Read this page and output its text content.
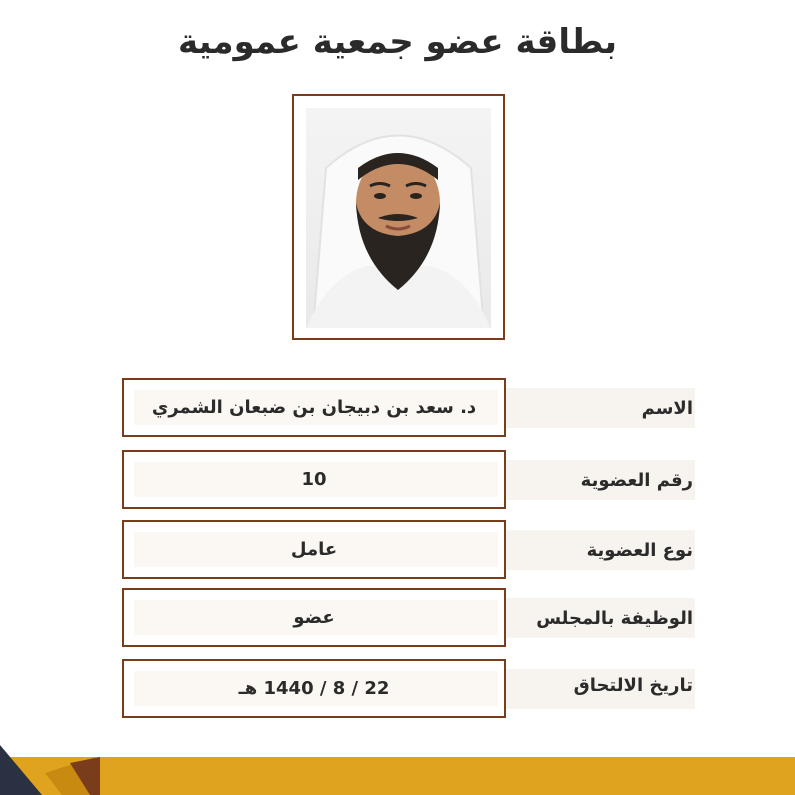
بطاقة عضو جمعية عمومية
الاسم
د. سعد بن دبيجان بن ضبعان الشمري
رقم العضوية
10
نوع العضوية
عامل
الوظيفة بالمجلس
عضو
تاريخ الالتحاق
22 / 8 / 1440 هـ
